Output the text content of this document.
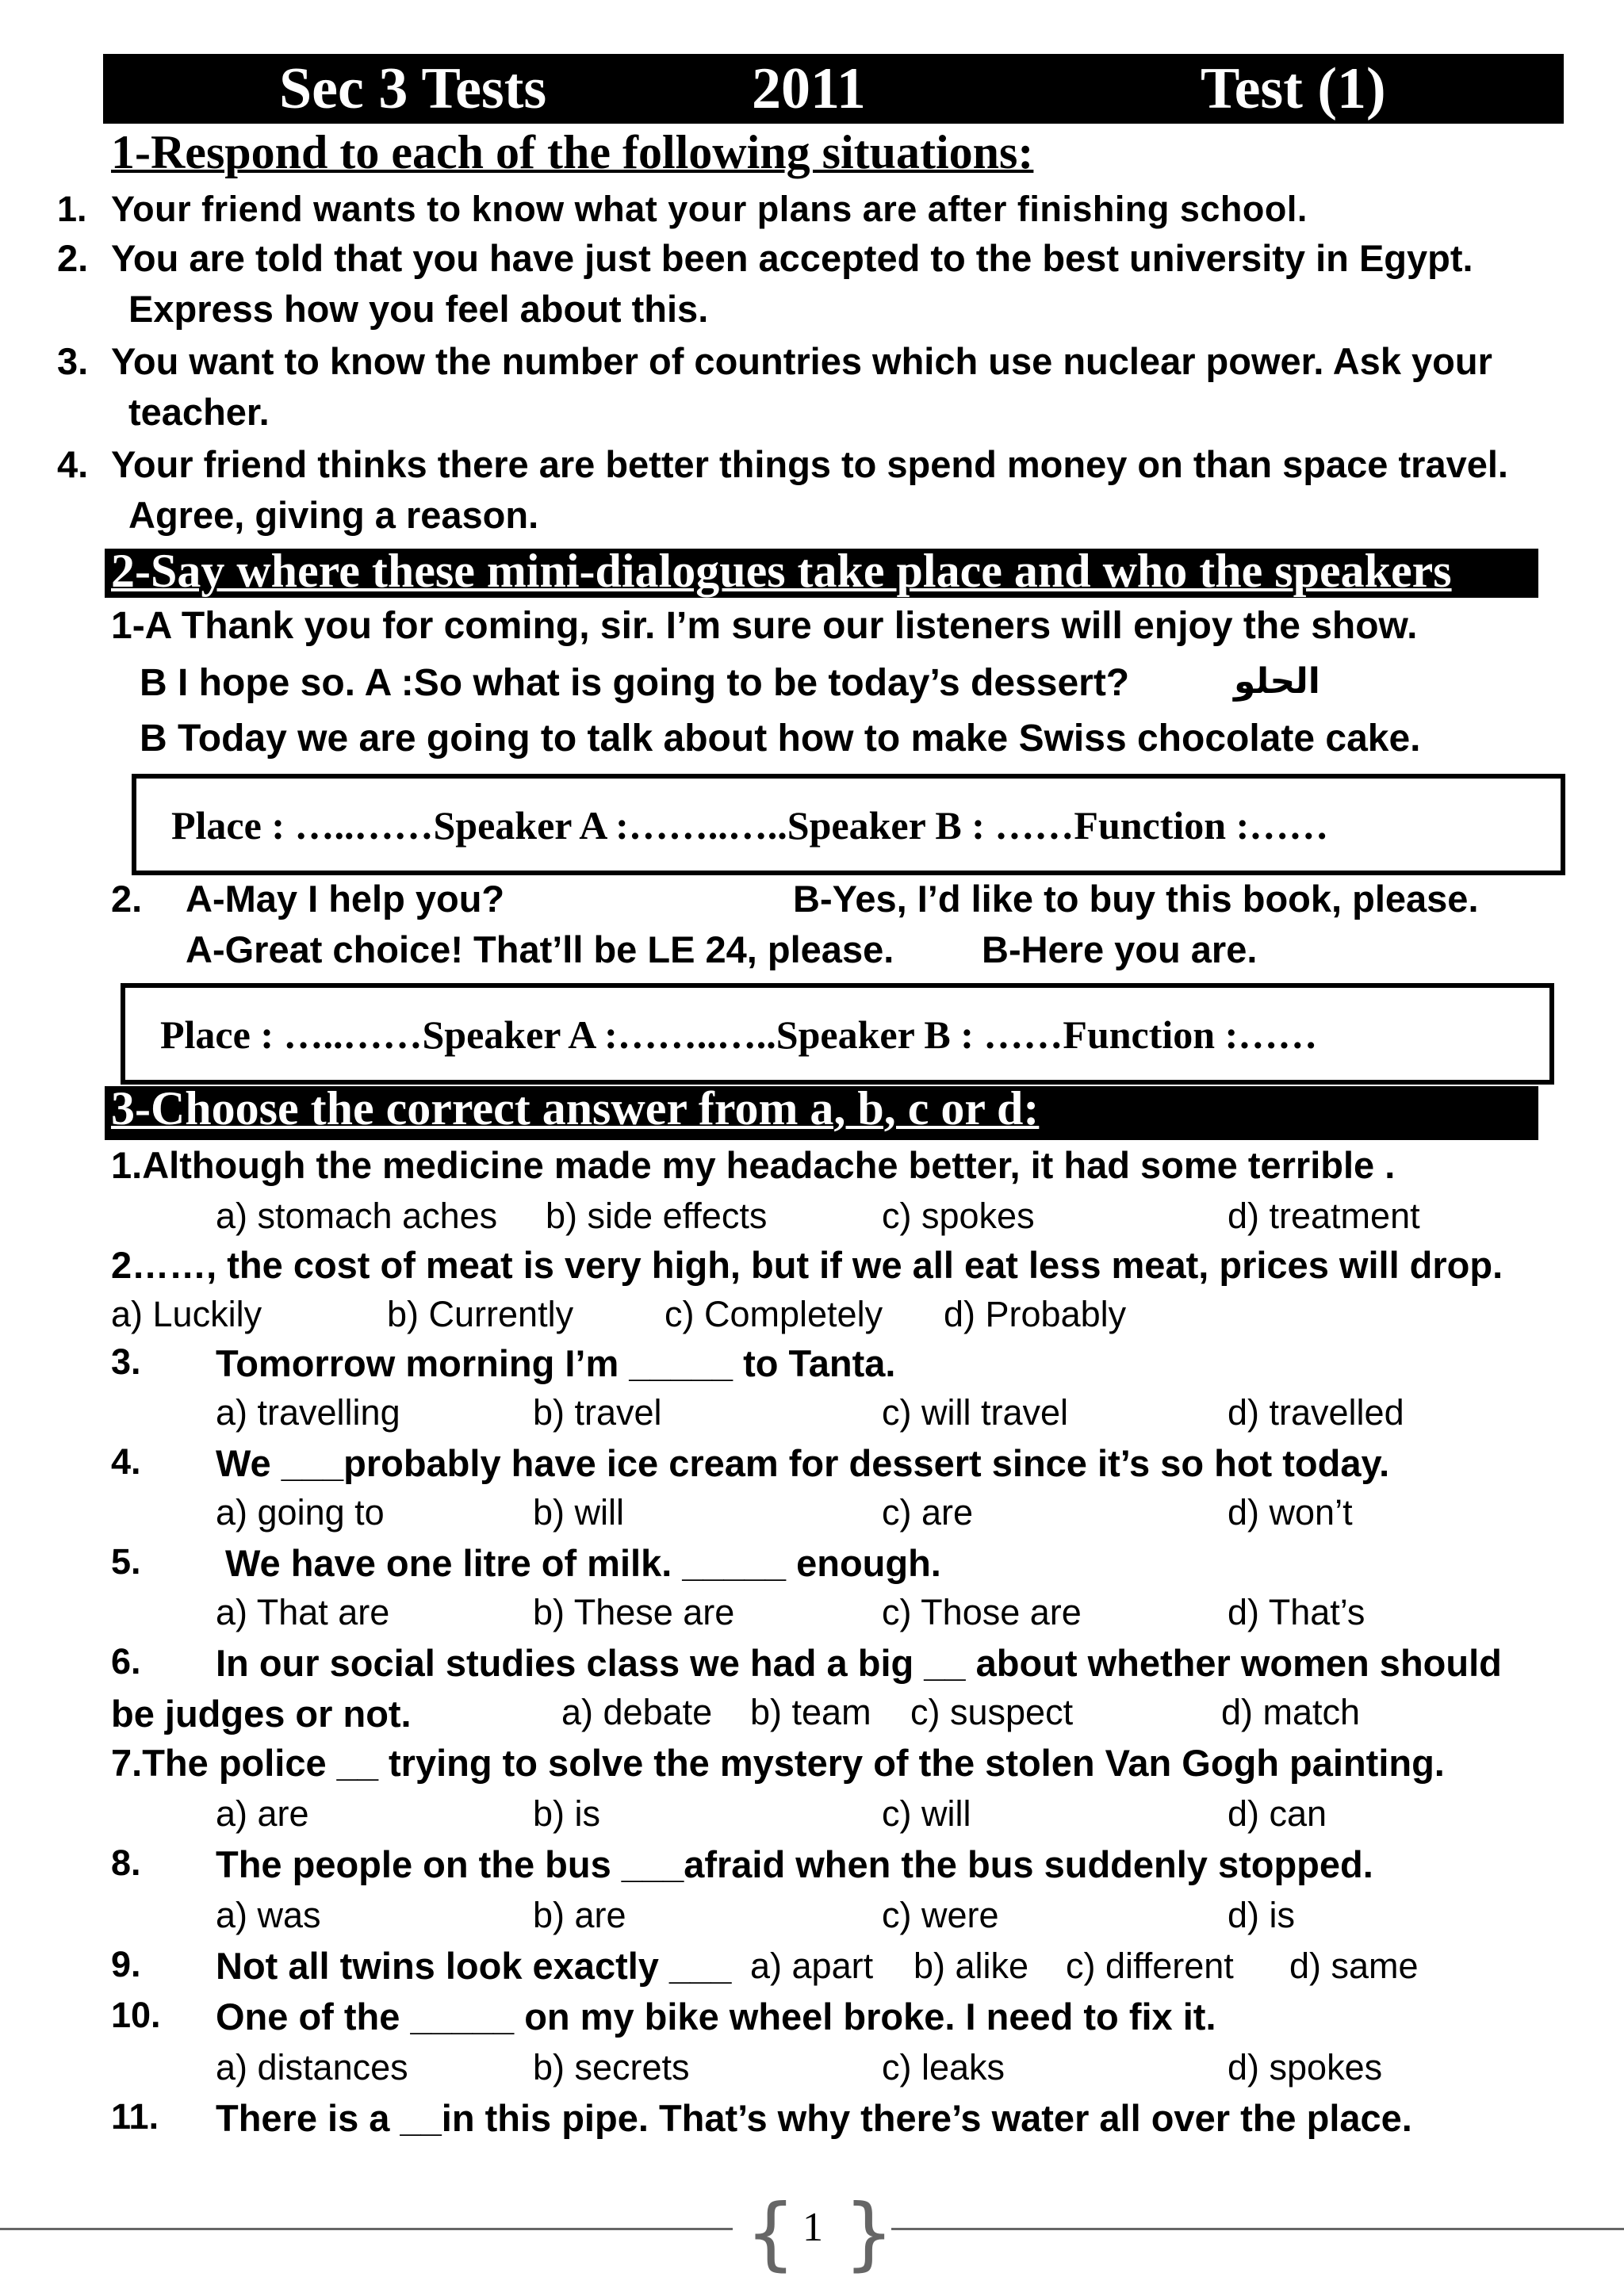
Sec 3 Tests	2011	Test (1)
1-Respond to each of the following situations:
1. Your friend wants to know what your plans are after finishing school.
2. You are told that you have just been accepted to the best university in Egypt.
Express how you feel about this.
3. You want to know the number of countries which use nuclear power. Ask your
teacher.
4. Your friend thinks there are better things to spend money on than space travel.
Agree, giving a reason.
2-Say where these mini-dialogues take place and who the speakers
1-A Thank you for coming, sir. I’m sure our listeners will enjoy the show.
B I hope so. A :So what is going to be today’s dessert?	الحلو
B Today we are going to talk about how to make Swiss chocolate cake.
Place : …..……Speaker A :……..…..Speaker B : ……Function :……
2. A-May I help you?	B-Yes, I’d like to buy this book, please.
A-Great choice! That’ll be LE 24, please. B-Here you are.
Place : …..……Speaker A :……..…..Speaker B : ……Function :……
3-Choose the correct answer from a, b, c or d:
1.Although the medicine made my headache better, it had some terrible .
a) stomach aches b) side effects	c) spokes	d) treatment
2……, the cost of meat is very high, but if we all eat less meat, prices will drop.
a) Luckily	b) Currently	c) Completely d) Probably
3. Tomorrow morning I’m _____ to Tanta.
a) travelling	b) travel	c) will travel	d) travelled
4. We ___probably have ice cream for dessert since it’s so hot today.
a) going to	b) will	c) are	d) won’t
5. We have one litre of milk. _____ enough.
a) That are	b) These are	c) Those are	d) That’s
6. In our social studies class we had a big __ about whether women should
be judges or not.	a) debate b) team c) suspect	d) match
7.The police __ trying to solve the mystery of the stolen Van Gogh painting.
a) are	b) is	c) will	d) can
8. The people on the bus ___afraid when the bus suddenly stopped.
a) was	b) are	c) were	d) is
9. Not all twins look exactly ___ a) apart b) alike c) different d) same
10. One of the _____ on my bike wheel broke. I need to fix it.
a) distances	b) secrets	c) leaks	d) spokes
11. There is a __in this pipe. That’s why there’s water all over the place.
{ 1 }
